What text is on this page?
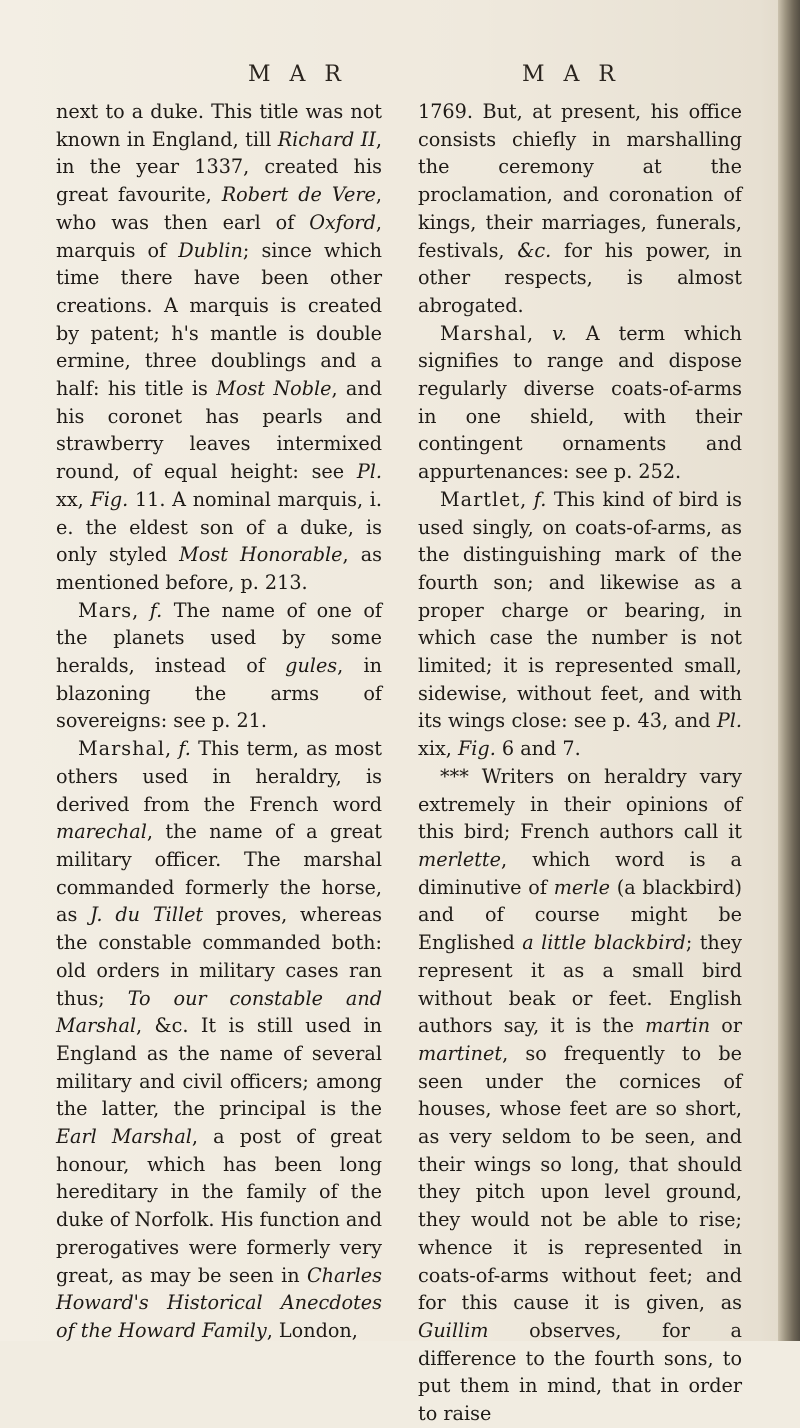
M A R	M A R

next to a duke. This title was not known in England, till Richard II, in the year 1337, created his great favourite, Robert de Vere, who was then earl of Oxford, marquis of Dublin; since which time there have been other creations. A marquis is created by patent; h's mantle is double ermine, three doublings and a half: his title is Most Noble, and his coronet has pearls and strawberry leaves intermixed round, of equal height: see Pl. xx, Fig. 11. A nominal marquis, i. e. the eldest son of a duke, is only styled Most Honorable, as mentioned before, p. 213.

Mars, f. The name of one of the planets used by some heralds, instead of gules, in blazoning the arms of sovereigns: see p. 21.

Marshal, f. This term, as most others used in heraldry, is derived from the French word marechal, the name of a great military officer. The marshal commanded formerly the horse, as J. du Tillet proves, whereas the constable commanded both: old orders in military cases ran thus; To our constable and Marshal, &c. It is still used in England as the name of several military and civil officers; among the latter, the principal is the Earl Marshal, a post of great honour, which has been long hereditary in the family of the duke of Norfolk. His function and prerogatives were formerly very great, as may be seen in Charles Howard's Historical Anecdotes of the Howard Family, London,

1769. But, at present, his office consists chiefly in marshalling the ceremony at the proclamation, and coronation of kings, their marriages, funerals, festivals, &c. for his power, in other respects, is almost abrogated.

Marshal, v. A term which signifies to range and dispose regularly diverse coats-of-arms in one shield, with their contingent ornaments and appurtenances: see p. 252.

Martlet, f. This kind of bird is used singly, on coats-of-arms, as the distinguishing mark of the fourth son; and likewise as a proper charge or bearing, in which case the number is not limited; it is represented small, sidewise, without feet, and with its wings close: see p. 43, and Pl. xix, Fig. 6 and 7.

*** Writers on heraldry vary extremely in their opinions of this bird; French authors call it merlette, which word is a diminutive of merle (a blackbird) and of course might be Englished a little blackbird; they represent it as a small bird without beak or feet. English authors say, it is the martin or martinet, so frequently to be seen under the cornices of houses, whose feet are so short, as very seldom to be seen, and their wings so long, that should they pitch upon level ground, they would not be able to rise; whence it is represented in coats-of-arms without feet; and for this cause it is given, as Guillim observes, for a difference to the fourth sons, to put them in mind, that in order to raise
